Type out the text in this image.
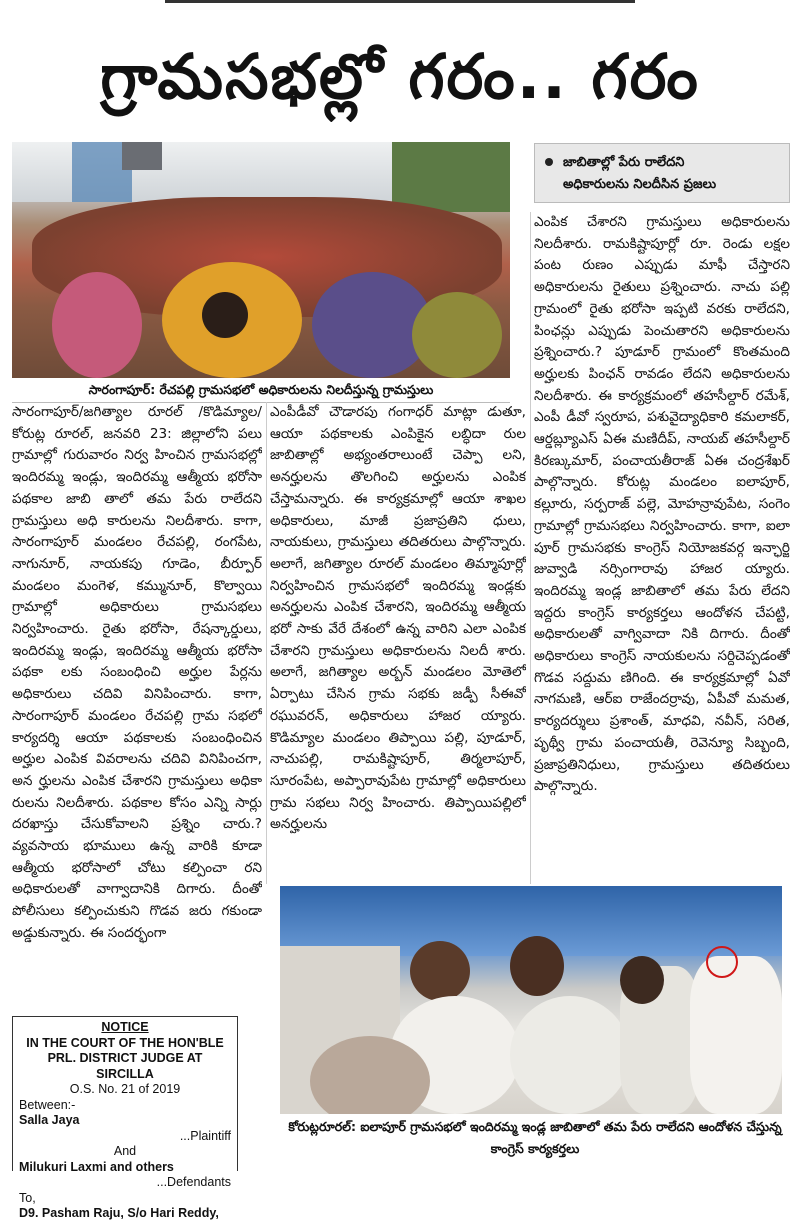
గ్రామసభల్లో గరం.. గరం
సారంగాపూర్: రేచపల్లి గ్రామసభలో అధికారులను నిలదీస్తున్న గ్రామస్తులు
జాబితాల్లో పేరు రాలేదని
అధికారులను నిలదీసిన ప్రజలు

సారంగాపూర్/జగిత్యాల రూరల్ /కొడిమ్యాల/ కోరుట్ల రూరల్, జనవరి 23: జిల్లాలోని పలు గ్రామాల్లో గురువారం నిర్వ హించిన గ్రామసభల్లో ఇందిరమ్మ ఇండ్లు, ఇందిరమ్మ ఆత్మీయ భరోసా పథకాల జాబి తాలో తమ పేరు రాలేదని గ్రామస్తులు అధి కారులను నిలదీశారు. కాగా, సారంగాపూర్ మండలం రేచపల్లి, రంగపేట, నాగునూర్, నాయకపు గూడెం, బీర్పూర్ మండలం మంగెళ, కమ్మునూర్, కొల్వాయి గ్రామాల్లో అధికారులు గ్రామసభలు నిర్వహించారు. రైతు భరోసా, రేషన్కార్డులు, ఇందిరమ్మ ఇండ్లు, ఇందిరమ్మ ఆత్మీయ భరోసా పథకా లకు సంబంధించి అర్హుల పేర్లను అధికారులు చదివి వినిపించారు. కాగా, సారంగాపూర్ మండలం రేచపల్లి గ్రామ సభలో కార్యదర్శి ఆయా పథకాలకు సంబంధించిన అర్హుల ఎంపిక వివరాలను చదివి వినిపించగా, అన ర్హులను ఎంపిక చేశారని గ్రామస్తులు అధికా రులను నిలదీశారు. పథకాల కోసం ఎన్ని సార్లు దరఖాస్తు చేసుకోవాలని ప్రశ్నిం చారు.? వ్యవసాయ భూములు ఉన్న వారికి కూడా ఆత్మీయ భరోసాలో చోటు కల్పించా రని అధికారులతో వాగ్వాదానికి దిగారు. దీంతో పోలీసులు కల్పించుకుని గొడవ జరు గకుండా అడ్డుకున్నారు. ఈ సందర్భంగా

ఎంపీడీవో చౌడారపు గంగాధర్ మాట్లా డుతూ, ఆయా పథకాలకు ఎంపికైన లబ్ధిదా రుల జాబితాల్లో అభ్యంతరాలుంటే చెప్పా లని, అనర్హులను తొలగించి అర్హులను ఎంపిక చేస్తామన్నారు. ఈ కార్యక్రమాల్లో ఆయా శాఖల అధికారులు, మాజీ ప్రజాప్రతిని ధులు, నాయకులు, గ్రామస్తులు తదితరులు పాల్గొన్నారు. అలాగే, జగిత్యాల రూరల్ మండలం తిమ్మాపూర్లో నిర్వహించిన గ్రామసభలో ఇందిరమ్మ ఇండ్లకు అనర్హులను ఎంపిక చేశారని, ఇందిరమ్మ ఆత్మీయ భరో సాకు వేరే దేశంలో ఉన్న వారిని ఎలా ఎంపిక చేశారని గ్రామస్తులు అధికారులను నిలదీ శారు. అలాగే, జగిత్యాల అర్బన్ మండలం మోతెలో ఏర్పాటు చేసిన గ్రామ సభకు జడ్పీ సీఈవో రఘువరన్, అధికారులు హాజర య్యారు. కొడిమ్యాల మండలం తిప్పాయి పల్లి, పూడూర్, నాచుపల్లి, రామకిష్టాపూర్, తిర్మలాపూర్, సూరంపేట, అప్పారావుపేట గ్రామాల్లో అధికారులు గ్రామ సభలు నిర్వ హించారు. తిప్పాయిపల్లిలో అనర్హులను

ఎంపిక చేశారని గ్రామస్తులు అధికారులను నిలదీశారు. రామకిష్టాపూర్లో రూ. రెండు లక్షల పంట రుణం ఎప్పుడు మాఫీ చేస్తారని అధికారులను రైతులు ప్రశ్నించారు. నాచు పల్లి గ్రామంలో రైతు భరోసా ఇప్పటి వరకు రాలేదని, పింఛన్లు ఎప్పుడు పెంచుతారని అధికారులను ప్రశ్నించారు.? పూడూర్ గ్రామంలో కొంతమంది అర్హులకు పింఛన్ రావడం లేదని అధికారులను నిలదీశారు. ఈ కార్యక్రమంలో తహసీల్దార్ రమేశ్, ఎంపీ డీవో స్వరూప, పశువైద్యాధికారి కమలాకర్, ఆర్డబ్ల్యూఎస్ ఏఈ మణిదీప్, నాయబ్ తహసీల్దార్ కిరణ్కుమార్, పంచాయతీరాజ్ ఏఈ చంద్రశేఖర్ పాల్గొన్నారు. కోరుట్ల మండలం ఐలాపూర్, కల్లూరు, సర్పరాజ్ పల్లె, మోహన్రావుపేట, సంగెం గ్రామాల్లో గ్రామసభలు నిర్వహించారు. కాగా, ఐలా పూర్ గ్రామసభకు కాంగ్రెస్ నియోజకవర్గ ఇన్ఛార్జి జువ్వాడి నర్సింగారావు హాజర య్యారు. ఇందిరమ్మ ఇండ్ల జాబితాలో తమ పేరు లేదని ఇద్దరు కాంగ్రెస్ కార్యకర్తలు ఆందోళన చేపట్టి, అధికారులతో వాగ్వివాదా నికి దిగారు. దీంతో అధికారులు కాంగ్రెస్ నాయకులను సర్దిచెప్పడంతో గొడవ సద్దుమ ణిగింది. ఈ కార్యక్రమాల్లో ఏవో నాగమణి, ఆర్ఐ రాజేందర్రావు, ఏపీవో మమత, కార్యదర్శులు ప్రశాంత్, మాధవి, నవీన్, సరిత, పృథ్వీ గ్రామ పంచాయతీ, రెవెన్యూ సిబ్బంది, ప్రజాప్రతినిధులు, గ్రామస్తులు తదితరులు పాల్గొన్నారు.

కోరుట్లరూరల్: ఐలాపూర్ గ్రామసభలో ఇందిరమ్మ ఇండ్ల జాబితాలో తమ పేరు రాలేదని ఆందోళన చేస్తున్న కాంగ్రెస్ కార్యకర్తలు
NOTICE
IN THE COURT OF THE HON'BLE
PRL. DISTRICT JUDGE AT SIRCILLA
O.S. No. 21 of 2019
Between:-
Salla Jaya
...Plaintiff
And
Milukuri Laxmi and others
...Defendants
To,
D9. Pasham Raju, S/o Hari Reddy,
